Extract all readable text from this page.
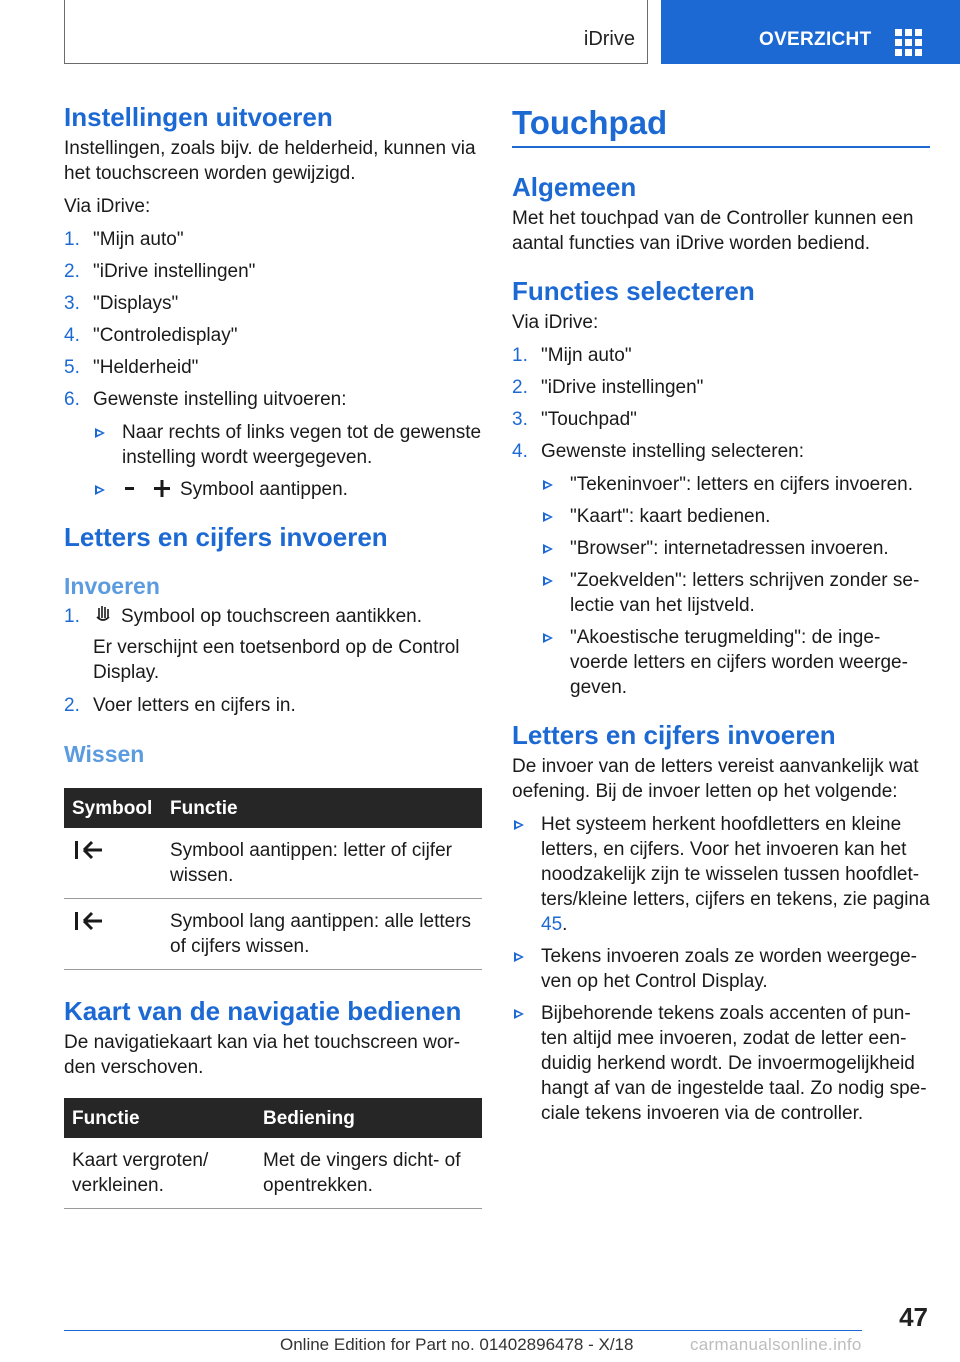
iDrive	OVERZICHT
Instellingen uitvoeren

Instellingen, zoals bijv. de helderheid, kunnen via het touchscreen worden gewijzigd.

Via iDrive:

1. "Mijn auto"
2. "iDrive instellingen"
3. "Displays"
4. "Controledisplay"
5. "Helderheid"
6. Gewenste instelling uitvoeren:
Naar rechts of links vegen tot de gewenste instelling wordt weergegeven.
Symbool aantippen.
Letters en cijfers invoeren
Invoeren
1. Symbool op touchscreen aantikken.

Er verschijnt een toetsenbord op de Control Display.

2. Voer letters en cijfers in.
Wissen
Symbool	Functie
	Symbool aantippen: letter of cijfer wissen.
	Symbool lang aantippen: alle letters of cijfers wissen.
Kaart van de navigatie bedienen

De navigatiekaart kan via het touchscreen worden verschoven.

Functie	Bediening
Kaart vergroten/ verkleinen.	Met de vingers dicht- of opentrekken.
Touchpad
Algemeen

Met het touchpad van de Controller kunnen een aantal functies van iDrive worden bediend.

Functies selecteren

Via iDrive:

1. "Mijn auto"
2. "iDrive instellingen"
3. "Touchpad"
4. Gewenste instelling selecteren:
"Tekeninvoer": letters en cijfers invoeren.
"Kaart": kaart bedienen.
"Browser": internetadressen invoeren.
"Zoekvelden": letters schrijven zonder selectie van het lijstveld.
"Akoestische terugmelding": de ingevoerde letters en cijfers worden weergegeven.
Letters en cijfers invoeren

De invoer van de letters vereist aanvankelijk wat oefening. Bij de invoer letten op het volgende:

Het systeem herkent hoofdletters en kleine letters, en cijfers. Voor het invoeren kan het noodzakelijk zijn te wisselen tussen hoofdletters/kleine letters, cijfers en tekens, zie pagina 45.
Tekens invoeren zoals ze worden weergegeven op het Control Display.
Bijbehorende tekens zoals accenten of punten altijd mee invoeren, zodat de letter eenduidig herkend wordt. De invoermogelijkheid hangt af van de ingestelde taal. Zo nodig speciale tekens invoeren via de controller.
47
Online Edition for Part no. 01402896478 - X/18	carmanualsonline.info
